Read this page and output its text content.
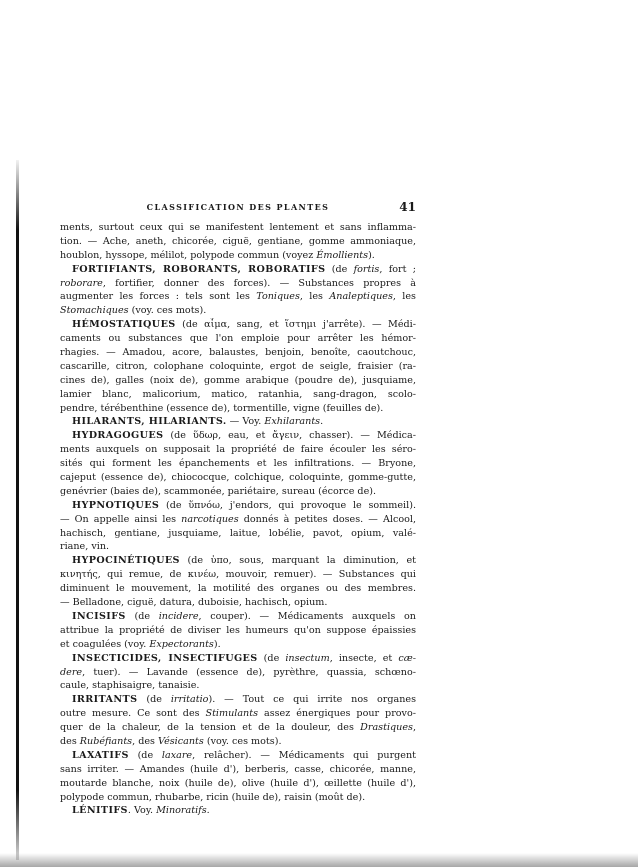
CLASSIFICATION DES PLANTES	41
ments, surtout ceux qui se manifestent lentement et sans inflamma-
tion. — Ache, aneth, chicorée, ciguë, gentiane, gomme ammoniaque,
houblon, hyssope, mélilot, polypode commun (voyez Émollients).
FORTIFIANTS, ROBORANTS, ROBORATIFS (de fortis, fort ;
roborare, fortifier, donner des forces). — Substances propres à
augmenter les forces : tels sont les Toniques, les Analeptiques, les
Stomachiques (voy. ces mots).
HÉMOSTATIQUES (de αἷμα, sang, et ἵστημι j'arrête). — Médi-
caments ou substances que l'on emploie pour arrêter les hémor-
rhagies. — Amadou, acore, balaustes, benjoin, benoîte, caoutchouc,
cascarille, citron, colophane coloquinte, ergot de seigle, fraisier (ra-
cines de), galles (noix de), gomme arabique (poudre de), jusquiame,
lamier blanc, malicorium, matico, ratanhia, sang-dragon, scolo-
pendre, térébenthine (essence de), tormentille, vigne (feuilles de).
HILARANTS, HILARIANTS. — Voy. Exhilarants.
HYDRAGOGUES (de ὕδωρ, eau, et ἄγειν, chasser). — Médica-
ments auxquels on supposait la propriété de faire écouler les séro-
sités qui forment les épanchements et les infiltrations. — Bryone,
cajeput (essence de), chiococque, colchique, coloquinte, gomme-gutte,
genévrier (baies de), scammonée, pariétaire, sureau (écorce de).
HYPNOTIQUES (de ὕπνόω, j'endors, qui provoque le sommeil).
— On appelle ainsi les narcotiques donnés à petites doses. — Alcool,
hachisch, gentiane, jusquiame, laitue, lobélie, pavot, opium, valé-
riane, vin.
HYPOCINÉTIQUES (de ὑπο, sous, marquant la diminution, et
κινητής, qui remue, de κινέω, mouvoir, remuer). — Substances qui
diminuent le mouvement, la motilité des organes ou des membres.
— Belladone, ciguë, datura, duboisie, hachisch, opium.
INCISIFS (de incidere, couper). — Médicaments auxquels on
attribue la propriété de diviser les humeurs qu'on suppose épaissies
et coagulées (voy. Expectorants).
INSECTICIDES, INSECTIFUGES (de insectum, insecte, et cæ-
dere, tuer). — Lavande (essence de), pyrèthre, quassia, schœno-
caule, staphisaigre, tanaisie.
IRRITANTS (de irritatio). — Tout ce qui irrite nos organes
outre mesure. Ce sont des Stimulants assez énergiques pour provo-
quer de la chaleur, de la tension et de la douleur, des Drastiques,
des Rubéfiants, des Vésicants (voy. ces mots).
LAXATIFS (de laxare, relâcher). — Médicaments qui purgent
sans irriter. — Amandes (huile d'), berberis, casse, chicorée, manne,
moutarde blanche, noix (huile de), olive (huile d'), œillette (huile d'),
polypode commun, rhubarbe, ricin (huile de), raisin (moût de).
LÉNITIFS. Voy. Minoratifs.
